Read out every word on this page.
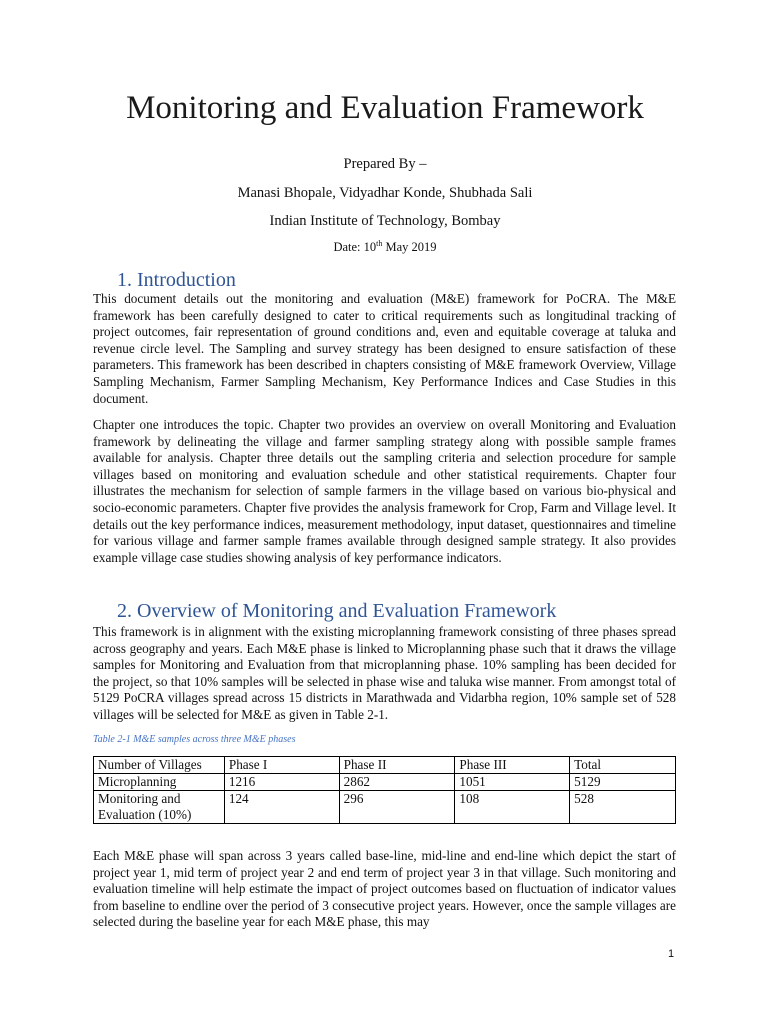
Monitoring and Evaluation Framework

Prepared By –

Manasi Bhopale, Vidyadhar Konde, Shubhada Sali

Indian Institute of Technology, Bombay

Date: 10th May 2019

1. Introduction

This document details out the monitoring and evaluation (M&E) framework for PoCRA. The M&E framework has been carefully designed to cater to critical requirements such as longitudinal tracking of project outcomes, fair representation of ground conditions and, even and equitable coverage at taluka and revenue circle level. The Sampling and survey strategy has been designed to ensure satisfaction of these parameters. This framework has been described in chapters consisting of M&E framework Overview, Village Sampling Mechanism, Farmer Sampling Mechanism, Key Performance Indices and Case Studies in this document.

Chapter one introduces the topic. Chapter two provides an overview on overall Monitoring and Evaluation framework by delineating the village and farmer sampling strategy along with possible sample frames available for analysis. Chapter three details out the sampling criteria and selection procedure for sample villages based on monitoring and evaluation schedule and other statistical requirements. Chapter four illustrates the mechanism for selection of sample farmers in the village based on various bio-physical and socio-economic parameters. Chapter five provides the analysis framework for Crop, Farm and Village level. It details out the key performance indices, measurement methodology, input dataset, questionnaires and timeline for various village and farmer sample frames available through designed sample strategy. It also provides example village case studies showing analysis of key performance indicators.

2. Overview of Monitoring and Evaluation Framework

This framework is in alignment with the existing microplanning framework consisting of three phases spread across geography and years. Each M&E phase is linked to Microplanning phase such that it draws the village samples for Monitoring and Evaluation from that microplanning phase. 10% sampling has been decided for the project, so that 10% samples will be selected in phase wise and taluka wise manner. From amongst total of 5129 PoCRA villages spread across 15 districts in Marathwada and Vidarbha region, 10% sample set of 528 villages will be selected for M&E as given in Table 2-1.

Table 2-1 M&E samples across three M&E phases

Number of Villages	Phase I	Phase II	Phase III	Total
Microplanning	1216	2862	1051	5129
Monitoring and Evaluation (10%)	124	296	108	528

Each M&E phase will span across 3 years called base-line, mid-line and end-line which depict the start of project year 1, mid term of project year 2 and end term of project year 3 in that village. Such monitoring and evaluation timeline will help estimate the impact of project outcomes based on fluctuation of indicator values from baseline to endline over the period of 3 consecutive project years. However, once the sample villages are selected during the baseline year for each M&E phase, this may

1
